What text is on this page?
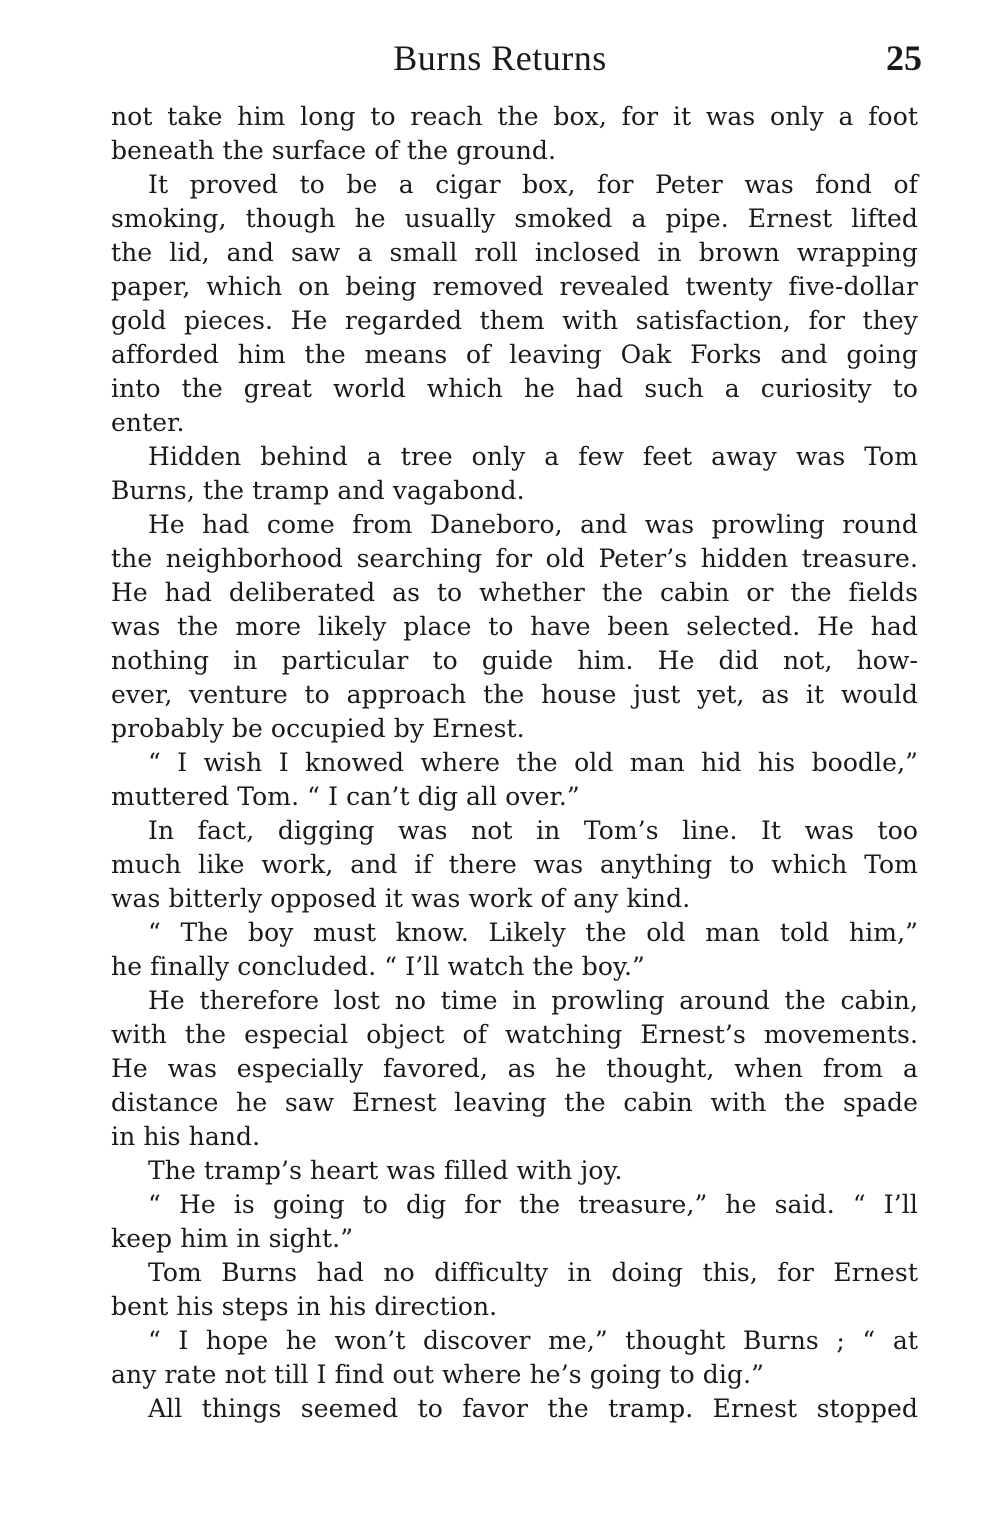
Burns Returns	25
not take him long to reach the box, for it was only a foot
beneath the surface of the ground.
It proved to be a cigar box, for Peter was fond of
smoking, though he usually smoked a pipe. Ernest lifted
the lid, and saw a small roll inclosed in brown wrapping
paper, which on being removed revealed twenty five-dollar
gold pieces. He regarded them with satisfaction, for they
afforded him the means of leaving Oak Forks and going
into the great world which he had such a curiosity to
enter.
Hidden behind a tree only a few feet away was Tom
Burns, the tramp and vagabond.
He had come from Daneboro, and was prowling round
the neighborhood searching for old Peter’s hidden treasure.
He had deliberated as to whether the cabin or the fields
was the more likely place to have been selected. He had
nothing in particular to guide him. He did not, how-
ever, venture to approach the house just yet, as it would
probably be occupied by Ernest.
“ I wish I knowed where the old man hid his boodle,”
muttered Tom. “ I can’t dig all over.”
In fact, digging was not in Tom’s line. It was too
much like work, and if there was anything to which Tom
was bitterly opposed it was work of any kind.
“ The boy must know. Likely the old man told him,”
he finally concluded. “ I’ll watch the boy.”
He therefore lost no time in prowling around the cabin,
with the especial object of watching Ernest’s movements.
He was especially favored, as he thought, when from a
distance he saw Ernest leaving the cabin with the spade
in his hand.
The tramp’s heart was filled with joy.
“ He is going to dig for the treasure,” he said. “ I’ll
keep him in sight.”
Tom Burns had no difficulty in doing this, for Ernest
bent his steps in his direction.
“ I hope he won’t discover me,” thought Burns ; “ at
any rate not till I find out where he’s going to dig.”
All things seemed to favor the tramp. Ernest stopped
